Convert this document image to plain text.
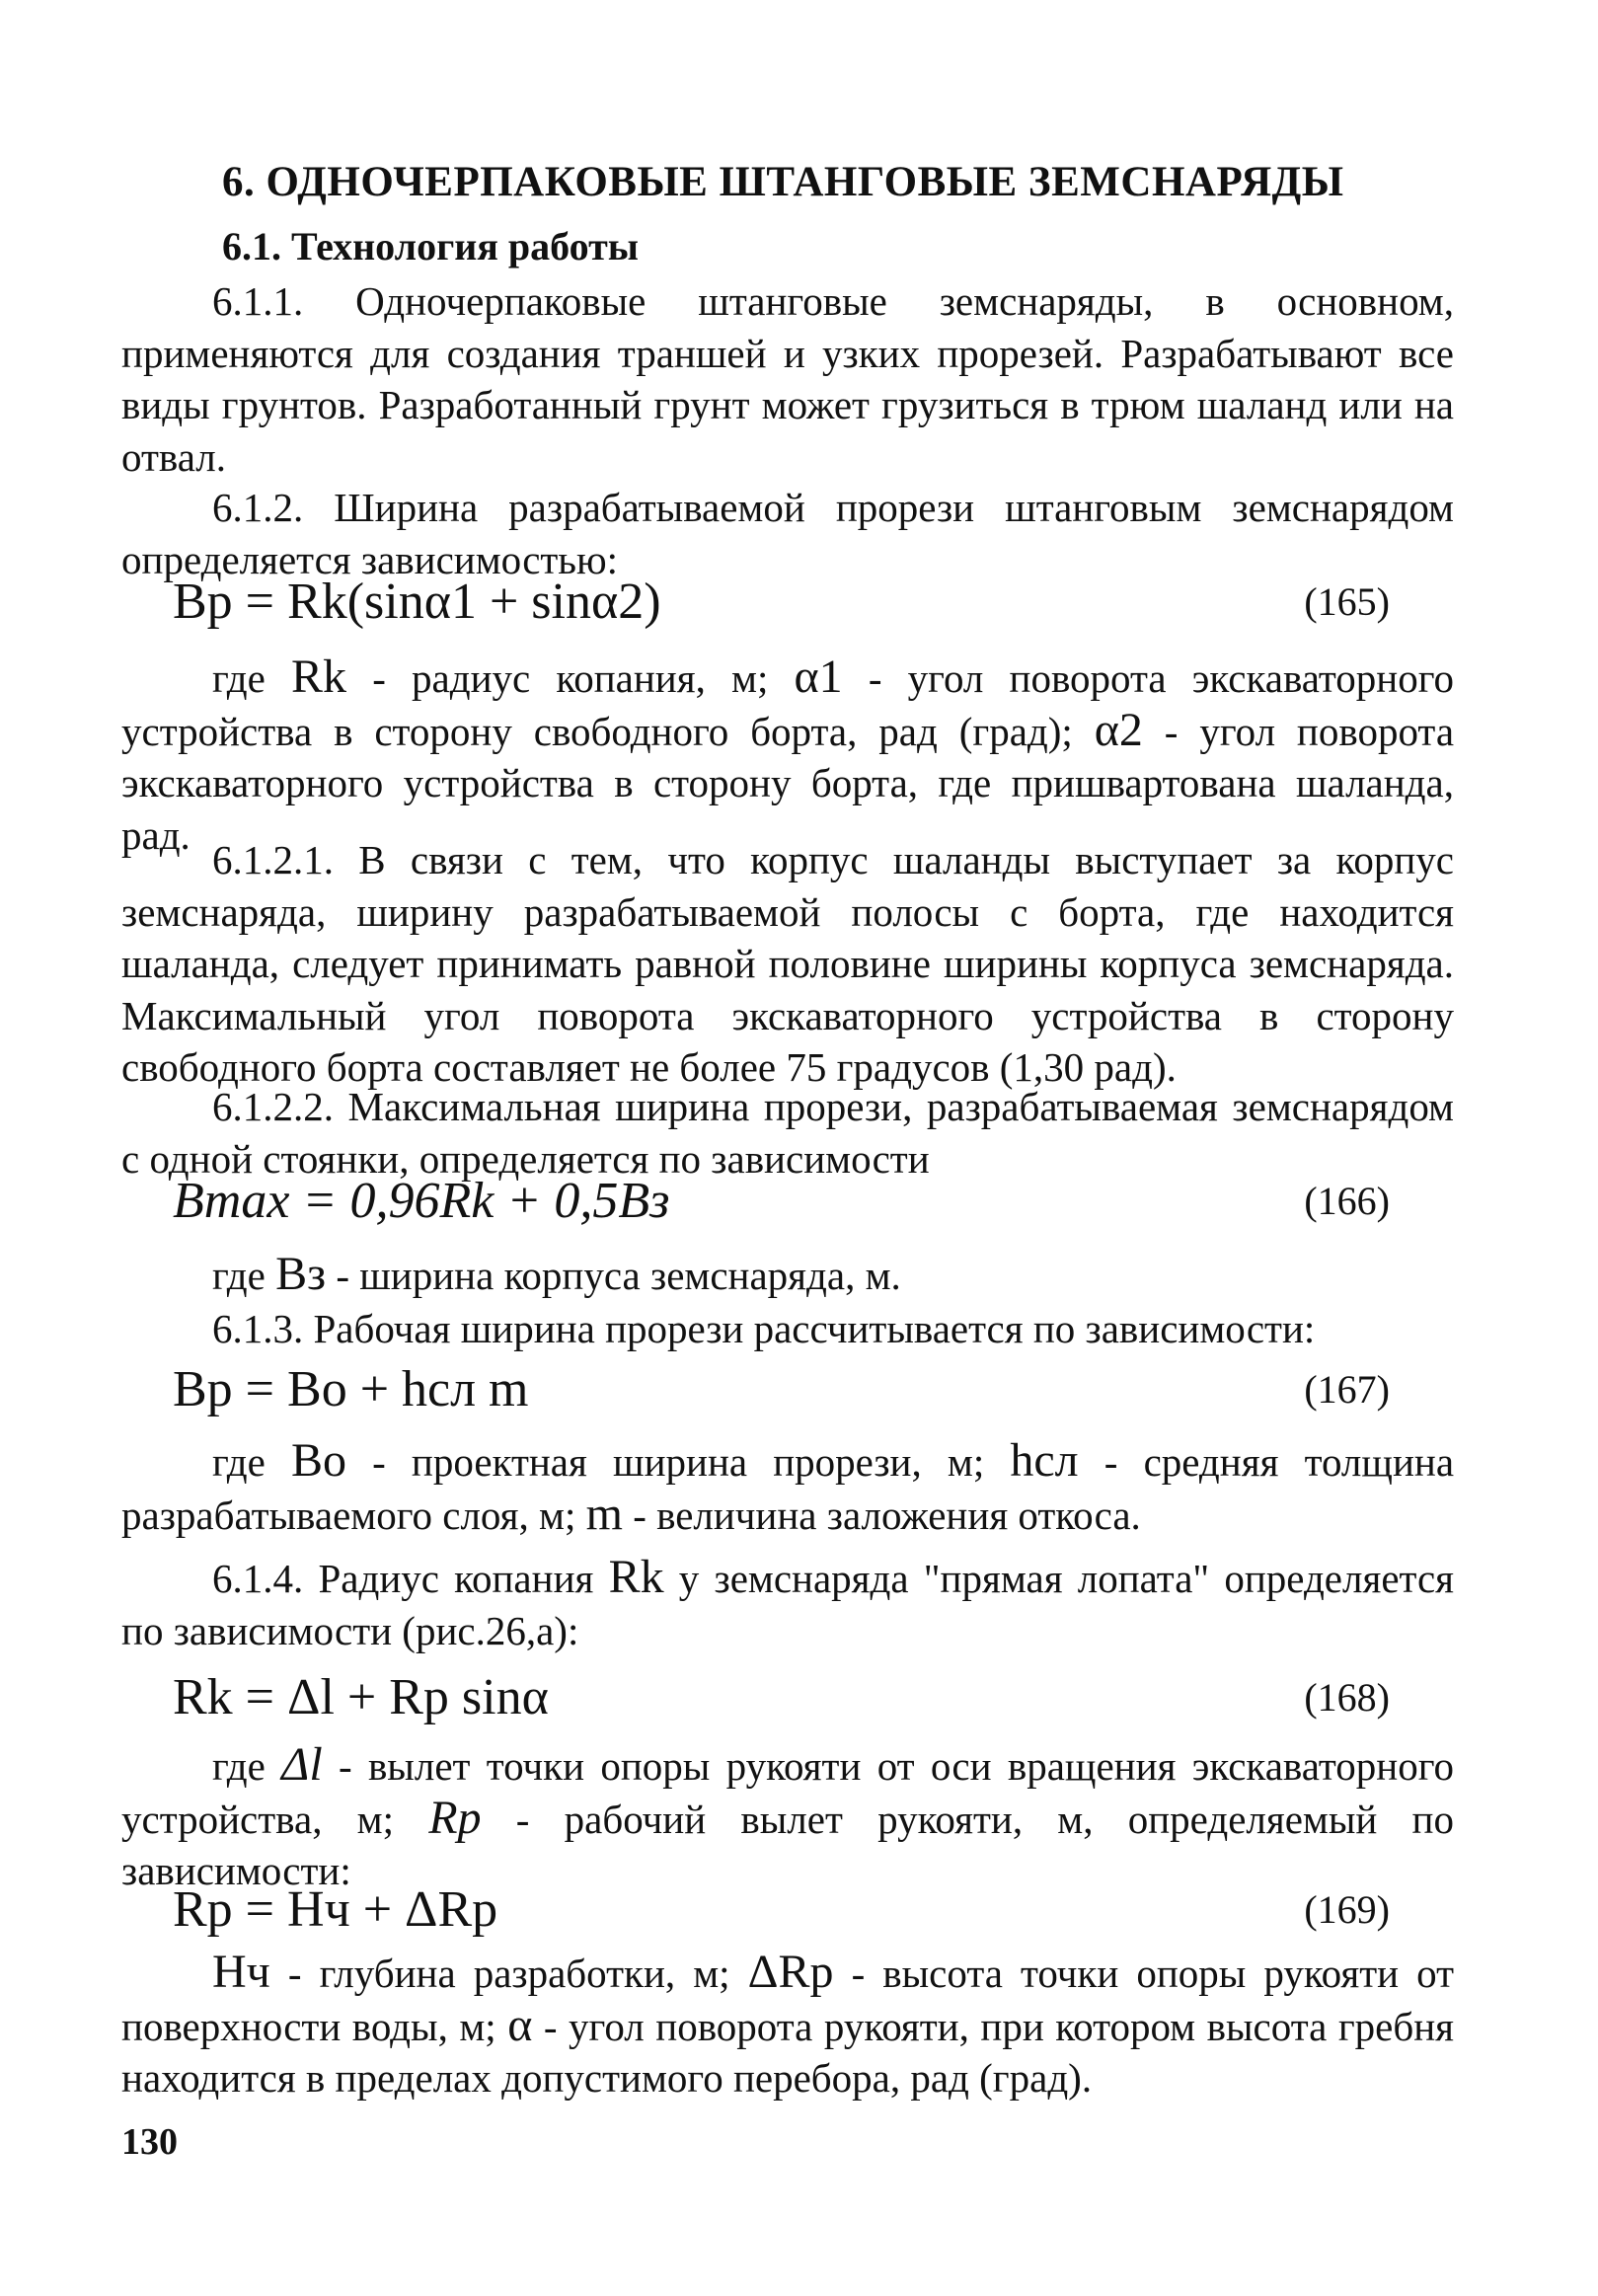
6. ОДНОЧЕРПАКОВЫЕ ШТАНГОВЫЕ ЗЕМСНАРЯДЫ
6.1. Технология работы

6.1.1. Одночерпаковые штанговые земснаряды, в основном, применяются для создания траншей и узких прорезей. Разрабатывают все виды грунтов. Разработанный грунт может грузиться в трюм шаланд или на отвал.

6.1.2. Ширина разрабатываемой прорези штанговым земснарядом определяется зависимостью:

Bр = Rk(sinα1 + sinα2)	(165)

где Rk - радиус копания, м; α1 - угол поворота экскаваторного устройства в сторону свободного борта, рад (град); α2 - угол поворота экскаваторного устройства в сторону борта, где пришвартована шаланда, рад.

6.1.2.1. В связи с тем, что корпус шаланды выступает за корпус земснаряда, ширину разрабатываемой полосы с борта, где находится шаланда, следует принимать равной половине ширины корпуса земснаряда. Максимальный угол поворота экскаваторного устройства в сторону свободного борта составляет не более 75 градусов (1,30 рад).

6.1.2.2. Максимальная ширина прорези, разрабатываемая земснарядом с одной стоянки, определяется по зависимости

Bmax = 0,96Rk + 0,5Bз	(166)

где Bз - ширина корпуса земснаряда, м.

6.1.3. Рабочая ширина прорези рассчитывается по зависимости:

Bр = Bо + hсл m	(167)

где Bо - проектная ширина прорези, м; hсл - средняя толщина разрабатываемого слоя, м; m - величина заложения откоса.

6.1.4. Радиус копания Rk у земснаряда "прямая лопата" определяется по зависимости (рис.26,а):

Rk = Δl + Rр sinα	(168)

где Δl - вылет точки опоры рукояти от оси вращения экскаваторного устройства, м; Rр - рабочий вылет рукояти, м, определяемый по зависимости:

Rр = Hч + ΔRр	(169)

Hч - глубина разработки, м; ΔRр - высота точки опоры рукояти от поверхности воды, м; α - угол поворота рукояти, при котором высота гребня находится в пределах допустимого перебора, рад (град).

130
